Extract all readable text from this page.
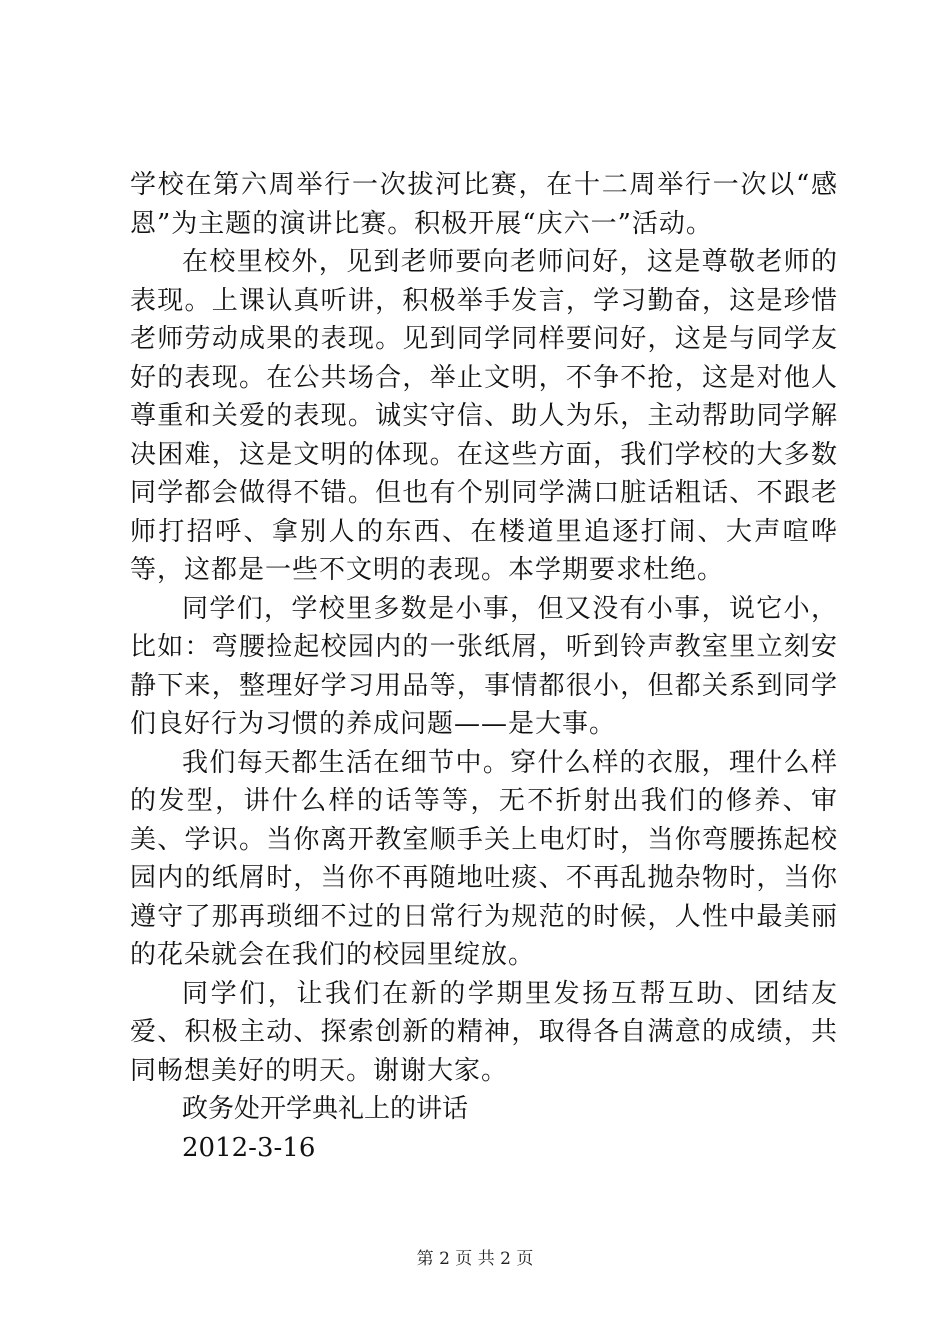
学校在第六周举行一次拔河比赛，在十二周举行一次以“感恩”为主题的演讲比赛。积极开展“庆六一”活动。

在校里校外，见到老师要向老师问好，这是尊敬老师的表现。上课认真听讲，积极举手发言，学习勤奋，这是珍惜老师劳动成果的表现。见到同学同样要问好，这是与同学友好的表现。在公共场合，举止文明，不争不抢，这是对他人尊重和关爱的表现。诚实守信、助人为乐，主动帮助同学解决困难，这是文明的体现。在这些方面，我们学校的大多数同学都会做得不错。但也有个别同学满口脏话粗话、不跟老师打招呼、拿别人的东西、在楼道里追逐打闹、大声喧哗等，这都是一些不文明的表现。本学期要求杜绝。

同学们，学校里多数是小事，但又没有小事，说它小，比如：弯腰捡起校园内的一张纸屑，听到铃声教室里立刻安静下来，整理好学习用品等，事情都很小，但都关系到同学们良好行为习惯的养成问题——是大事。

我们每天都生活在细节中。穿什么样的衣服，理什么样的发型，讲什么样的话等等，无不折射出我们的修养、审美、学识。当你离开教室顺手关上电灯时，当你弯腰拣起校园内的纸屑时，当你不再随地吐痰、不再乱抛杂物时，当你遵守了那再琐细不过的日常行为规范的时候，人性中最美丽的花朵就会在我们的校园里绽放。

同学们，让我们在新的学期里发扬互帮互助、团结友爱、积极主动、探索创新的精神，取得各自满意的成绩，共同畅想美好的明天。谢谢大家。

政务处开学典礼上的讲话

2012-3-16

第 2 页 共 2 页
